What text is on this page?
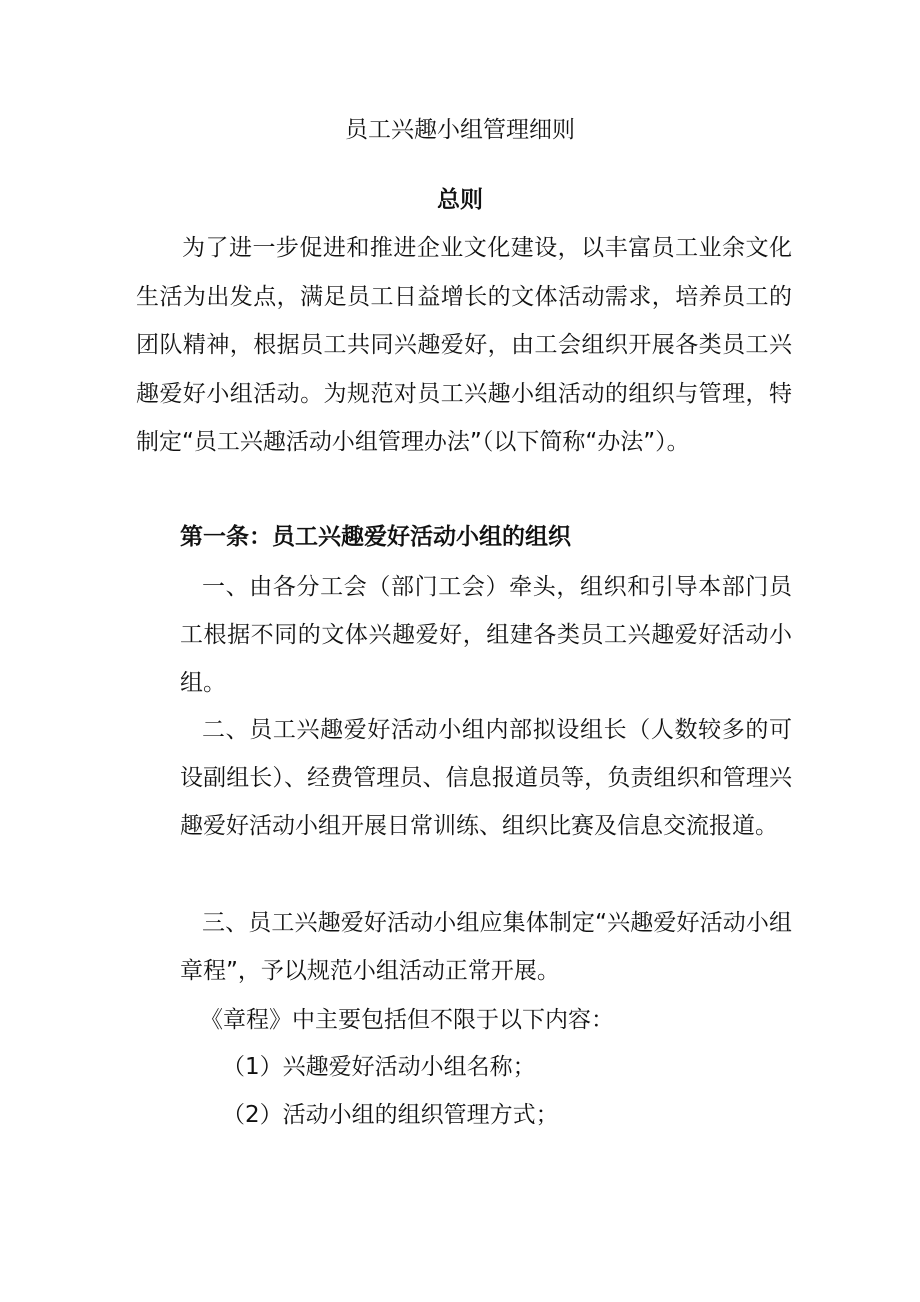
员工兴趣小组管理细则
总则

为了进一步促进和推进企业文化建设，以丰富员工业余文化生活为出发点，满足员工日益增长的文体活动需求，培养员工的团队精神，根据员工共同兴趣爱好，由工会组织开展各类员工兴趣爱好小组活动。为规范对员工兴趣小组活动的组织与管理，特制定“员工兴趣活动小组管理办法”（以下简称“办法”）。

第一条：员工兴趣爱好活动小组的组织

一、由各分工会（部门工会）牵头，组织和引导本部门员工根据不同的文体兴趣爱好，组建各类员工兴趣爱好活动小组。

二、员工兴趣爱好活动小组内部拟设组长（人数较多的可设副组长）、经费管理员、信息报道员等，负责组织和管理兴趣爱好活动小组开展日常训练、组织比赛及信息交流报道。

三、员工兴趣爱好活动小组应集体制定“兴趣爱好活动小组章程”，予以规范小组活动正常开展。

《章程》中主要包括但不限于以下内容：
（1）兴趣爱好活动小组名称；
（2）活动小组的组织管理方式；
